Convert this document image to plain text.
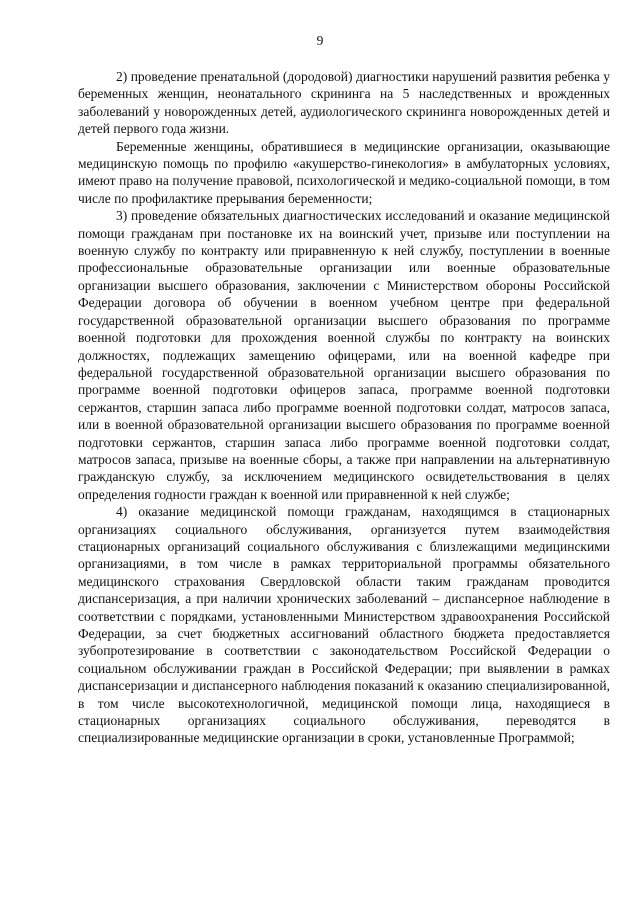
9

2) проведение пренатальной (дородовой) диагностики нарушений развития ребенка у беременных женщин, неонатального скрининга на 5 наследственных и врожденных заболеваний у новорожденных детей, аудиологического скрининга новорожденных детей и детей первого года жизни.

Беременные женщины, обратившиеся в медицинские организации, оказывающие медицинскую помощь по профилю «акушерство-гинекология» в амбулаторных условиях, имеют право на получение правовой, психологической и медико-социальной помощи, в том числе по профилактике прерывания беременности;

3) проведение обязательных диагностических исследований и оказание медицинской помощи гражданам при постановке их на воинский учет, призыве или поступлении на военную службу по контракту или приравненную к ней службу, поступлении в военные профессиональные образовательные организации или военные образовательные организации высшего образования, заключении с Министерством обороны Российской Федерации договора об обучении в военном учебном центре при федеральной государственной образовательной организации высшего образования по программе военной подготовки для прохождения военной службы по контракту на воинских должностях, подлежащих замещению офицерами, или на военной кафедре при федеральной государственной образовательной организации высшего образования по программе военной подготовки офицеров запаса, программе военной подготовки сержантов, старшин запаса либо программе военной подготовки солдат, матросов запаса, или в военной образовательной организации высшего образования по программе военной подготовки сержантов, старшин запаса либо программе военной подготовки солдат, матросов запаса, призыве на военные сборы, а также при направлении на альтернативную гражданскую службу, за исключением медицинского освидетельствования в целях определения годности граждан к военной или приравненной к ней службе;

4) оказание медицинской помощи гражданам, находящимся в стационарных организациях социального обслуживания, организуется путем взаимодействия стационарных организаций социального обслуживания с близлежащими медицинскими организациями, в том числе в рамках территориальной программы обязательного медицинского страхования Свердловской области таким гражданам проводится диспансеризация, а при наличии хронических заболеваний – диспансерное наблюдение в соответствии с порядками, установленными Министерством здравоохранения Российской Федерации, за счет бюджетных ассигнований областного бюджета предоставляется зубопротезирование в соответствии с законодательством Российской Федерации о социальном обслуживании граждан в Российской Федерации; при выявлении в рамках диспансеризации и диспансерного наблюдения показаний к оказанию специализированной, в том числе высокотехнологичной, медицинской помощи лица, находящиеся в стационарных организациях социального обслуживания, переводятся в специализированные медицинские организации в сроки, установленные Программой;
